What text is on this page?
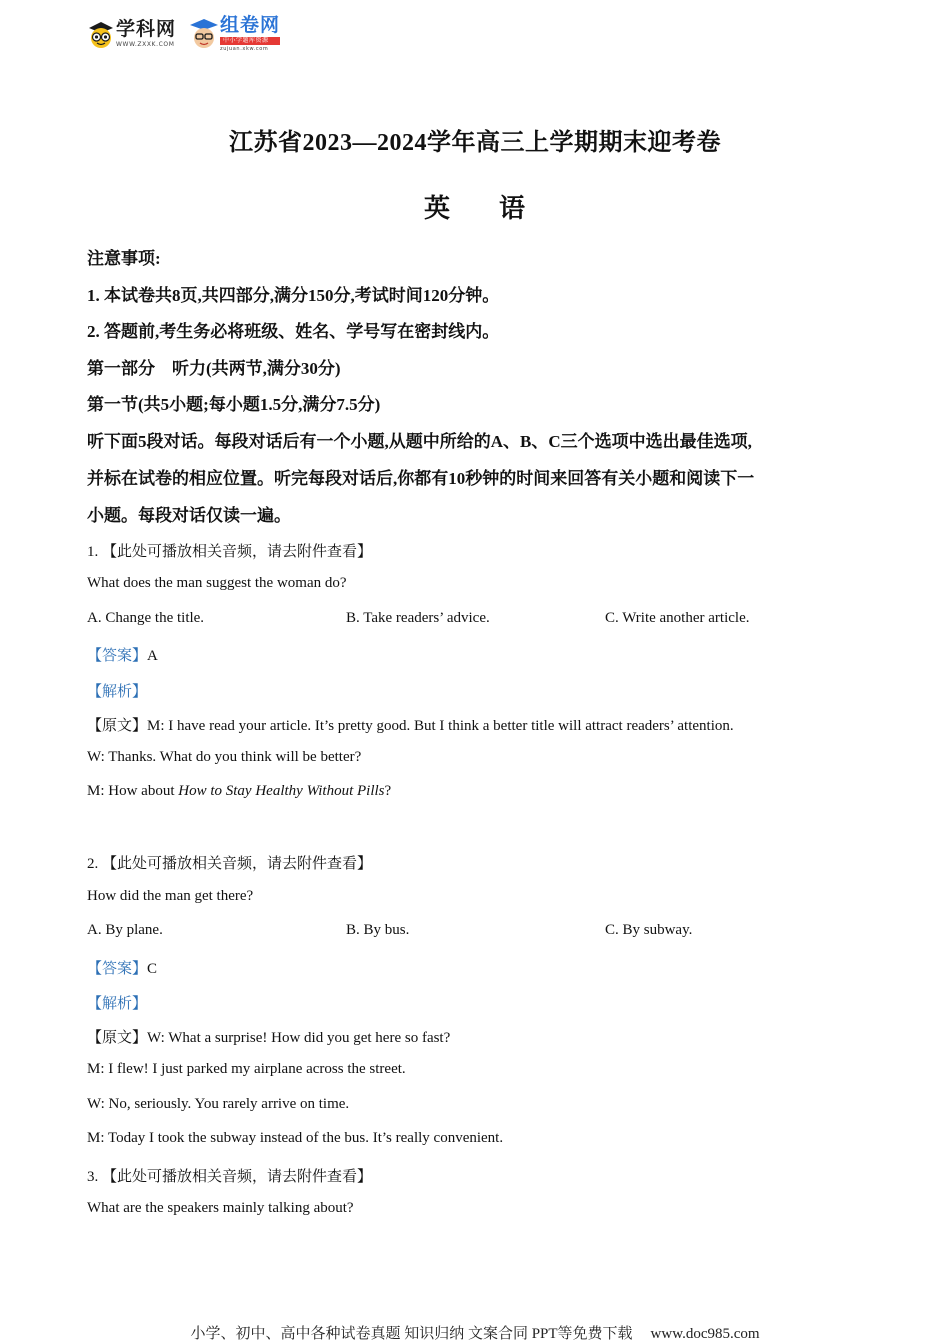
学科网
WWW.ZXXK.COM
组卷网
中小学题库资源
zujuan.xkw.com
江苏省2023—2024学年高三上学期期末迎考卷
英 语
注意事项:
1. 本试卷共8页,共四部分,满分150分,考试时间120分钟。
2. 答题前,考生务必将班级、姓名、学号写在密封线内。
第一部分　听力(共两节,满分30分)
第一节(共5小题;每小题1.5分,满分7.5分)
听下面5段对话。每段对话后有一个小题,从题中所给的A、B、C三个选项中选出最佳选项,
并标在试卷的相应位置。听完每段对话后,你都有10秒钟的时间来回答有关小题和阅读下一
小题。每段对话仅读一遍。
1. 【此处可播放相关音频，请去附件查看】
What does the man suggest the woman do?
A. Change the title.	B. Take readers’ advice.	C. Write another article.
【答案】A
【解析】
【原文】M: I have read your article. It’s pretty good. But I think a better title will attract readers’ attention.
W: Thanks. What do you think will be better?
M: How about How to Stay Healthy Without Pills?
2. 【此处可播放相关音频，请去附件查看】
How did the man get there?
A. By plane.	B. By bus.	C. By subway.
【答案】C
【解析】
【原文】W: What a surprise! How did you get here so fast?
M: I flew! I just parked my airplane across the street.
W: No, seriously. You rarely arrive on time.
M: Today I took the subway instead of the bus. It’s really convenient.
3. 【此处可播放相关音频，请去附件查看】
What are the speakers mainly talking about?
小学、初中、高中各种试卷真题 知识归纳 文案合同 PPT等免费下载 www.doc985.com
